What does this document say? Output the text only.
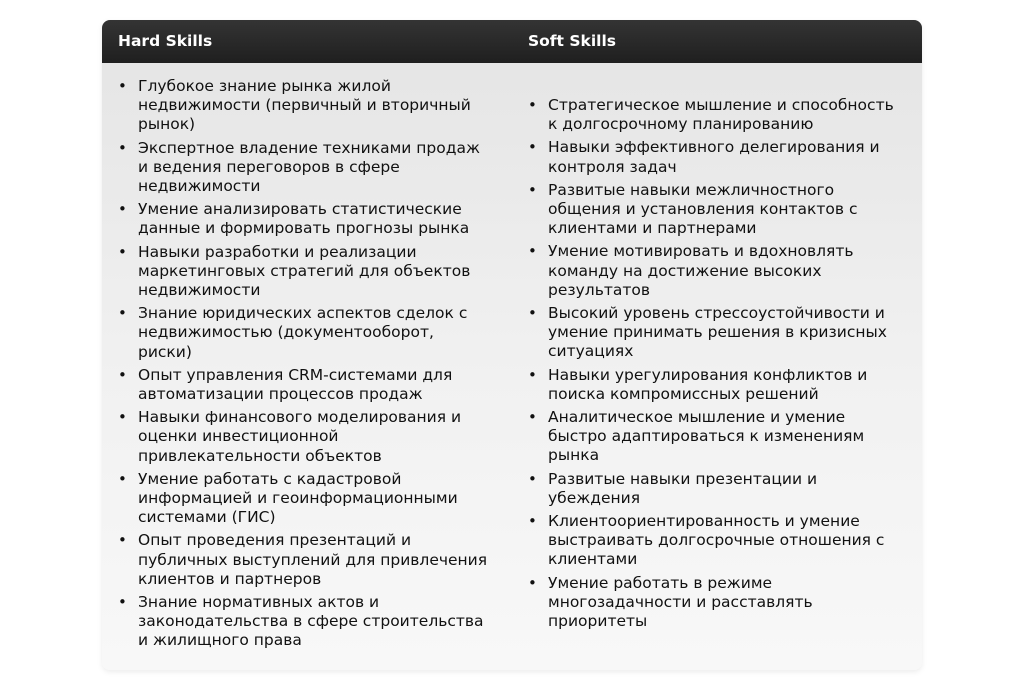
Hard Skills	Soft Skills
• Глубокое знание рынка жилой недвижимости (первичный и вторичный рынок)
• Экспертное владение техниками продаж и ведения переговоров в сфере недвижимости
• Умение анализировать статистические данные и формировать прогнозы рынка
• Навыки разработки и реализации маркетинговых стратегий для объектов недвижимости
• Знание юридических аспектов сделок с недвижимостью (документооборот, риски)
• Опыт управления CRM-системами для автоматизации процессов продаж
• Навыки финансового моделирования и оценки инвестиционной привлекательности объектов
• Умение работать с кадастровой информацией и геоинформационными системами (ГИС)
• Опыт проведения презентаций и публичных выступлений для привлечения клиентов и партнеров
• Знание нормативных актов и законодательства в сфере строительства и жилищного права
• Стратегическое мышление и способность к долгосрочному планированию
• Навыки эффективного делегирования и контроля задач
• Развитые навыки межличностного общения и установления контактов с клиентами и партнерами
• Умение мотивировать и вдохновлять команду на достижение высоких результатов
• Высокий уровень стрессоустойчивости и умение принимать решения в кризисных ситуациях
• Навыки урегулирования конфликтов и поиска компромиссных решений
• Аналитическое мышление и умение быстро адаптироваться к изменениям рынка
• Развитые навыки презентации и убеждения
• Клиентоориентированность и умение выстраивать долгосрочные отношения с клиентами
• Умение работать в режиме многозадачности и расставлять приоритеты
